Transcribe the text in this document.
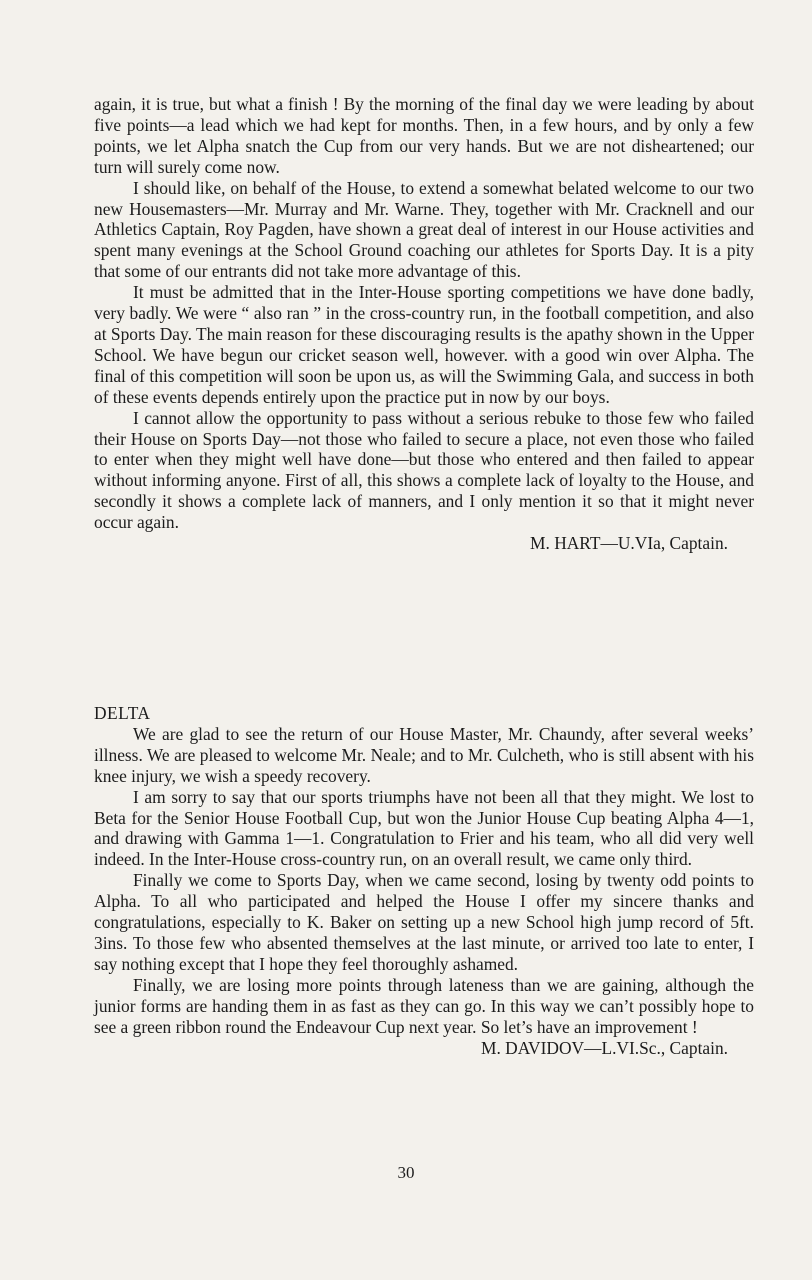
again, it is true, but what a finish ! By the morning of the final day we were leading by about five points—a lead which we had kept for months. Then, in a few hours, and by only a few points, we let Alpha snatch the Cup from our very hands. But we are not disheartened; our turn will surely come now.

I should like, on behalf of the House, to extend a somewhat belated welcome to our two new Housemasters—Mr. Murray and Mr. Warne. They, together with Mr. Cracknell and our Athletics Captain, Roy Pagden, have shown a great deal of interest in our House activities and spent many evenings at the School Ground coaching our athletes for Sports Day. It is a pity that some of our entrants did not take more advantage of this.

It must be admitted that in the Inter-House sporting competitions we have done badly, very badly. We were “ also ran ” in the cross-country run, in the football competition, and also at Sports Day. The main reason for these discouraging results is the apathy shown in the Upper School. We have begun our cricket season well, however. with a good win over Alpha. The final of this competition will soon be upon us, as will the Swimming Gala, and success in both of these events depends entirely upon the practice put in now by our boys.

I cannot allow the opportunity to pass without a serious rebuke to those few who failed their House on Sports Day—not those who failed to secure a place, not even those who failed to enter when they might well have done—but those who entered and then failed to appear without informing anyone. First of all, this shows a complete lack of loyalty to the House, and secondly it shows a complete lack of manners, and I only mention it so that it might never occur again.

M. HART—U.VIa, Captain.

DELTA

We are glad to see the return of our House Master, Mr. Chaundy, after several weeks’ illness. We are pleased to welcome Mr. Neale; and to Mr. Culcheth, who is still absent with his knee injury, we wish a speedy recovery.

I am sorry to say that our sports triumphs have not been all that they might. We lost to Beta for the Senior House Football Cup, but won the Junior House Cup beating Alpha 4—1, and drawing with Gamma 1—1. Congratulation to Frier and his team, who all did very well indeed. In the Inter-House cross-country run, on an overall result, we came only third.

Finally we come to Sports Day, when we came second, losing by twenty odd points to Alpha. To all who participated and helped the House I offer my sincere thanks and congratulations, especially to K. Baker on setting up a new School high jump record of 5ft. 3ins. To those few who absented themselves at the last minute, or arrived too late to enter, I say nothing except that I hope they feel thoroughly ashamed.

Finally, we are losing more points through lateness than we are gaining, although the junior forms are handing them in as fast as they can go. In this way we can’t possibly hope to see a green ribbon round the Endeavour Cup next year. So let’s have an improvement !

M. DAVIDOV—L.VI.Sc., Captain.

30
